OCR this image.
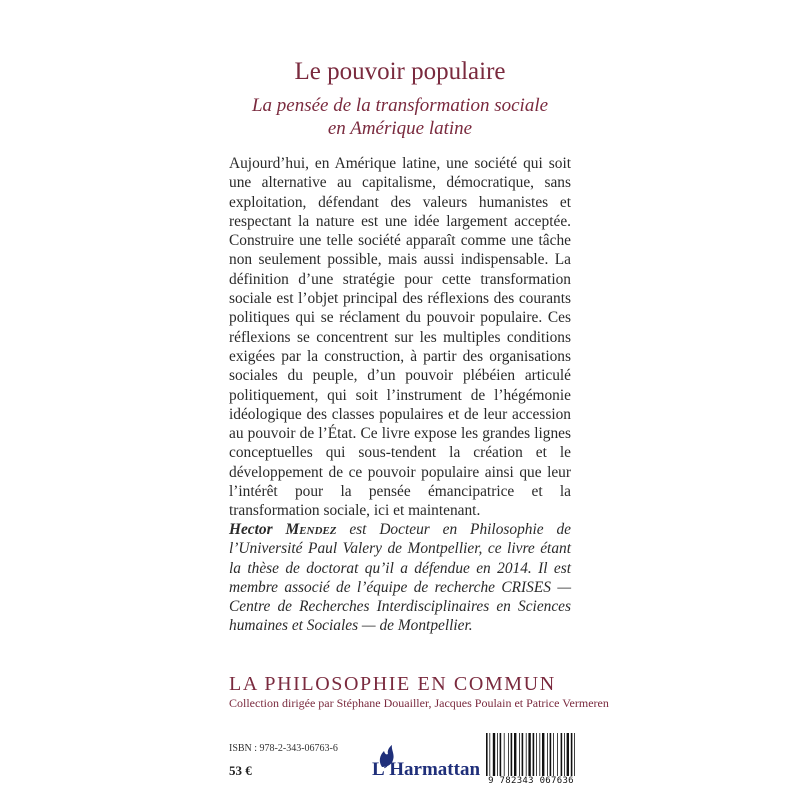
Le pouvoir populaire
La pensée de la transformation sociale
en Amérique latine
Aujourd’hui, en Amérique latine, une société qui soit une alternative au capitalisme, démocratique, sans exploitation, défendant des valeurs humanistes et respectant la nature est une idée largement acceptée. Construire une telle société apparaît comme une tâche non seulement possible, mais aussi indispensable. La définition d’une stratégie pour cette transformation sociale est l’objet principal des réflexions des courants politiques qui se réclament du pouvoir populaire. Ces réflexions se concentrent sur les multiples conditions exigées par la construction, à partir des organisations sociales du peuple, d’un pouvoir plébéien articulé politiquement, qui soit l’instrument de l’hégémonie idéologique des classes populaires et de leur accession au pouvoir de l’État. Ce livre expose les grandes lignes conceptuelles qui sous-tendent la création et le développement de ce pouvoir populaire ainsi que leur l’intérêt pour la pensée émancipatrice et la transformation sociale, ici et maintenant.
Hector Mendez est Docteur en Philosophie de l’Université Paul Valery de Montpellier, ce livre étant la thèse de doctorat qu’il a défendue en 2014. Il est membre associé de l’équipe de recherche CRISES — Centre de Recherches Interdisciplinaires en Sciences humaines et Sociales — de Montpellier.
LA PHILOSOPHIE EN COMMUN
Collection dirigée par Stéphane Douailler, Jacques Poulain et Patrice Vermeren
ISBN : 978-2-343-06763-6
53 €	L’Harmattan
9 782343 067636
